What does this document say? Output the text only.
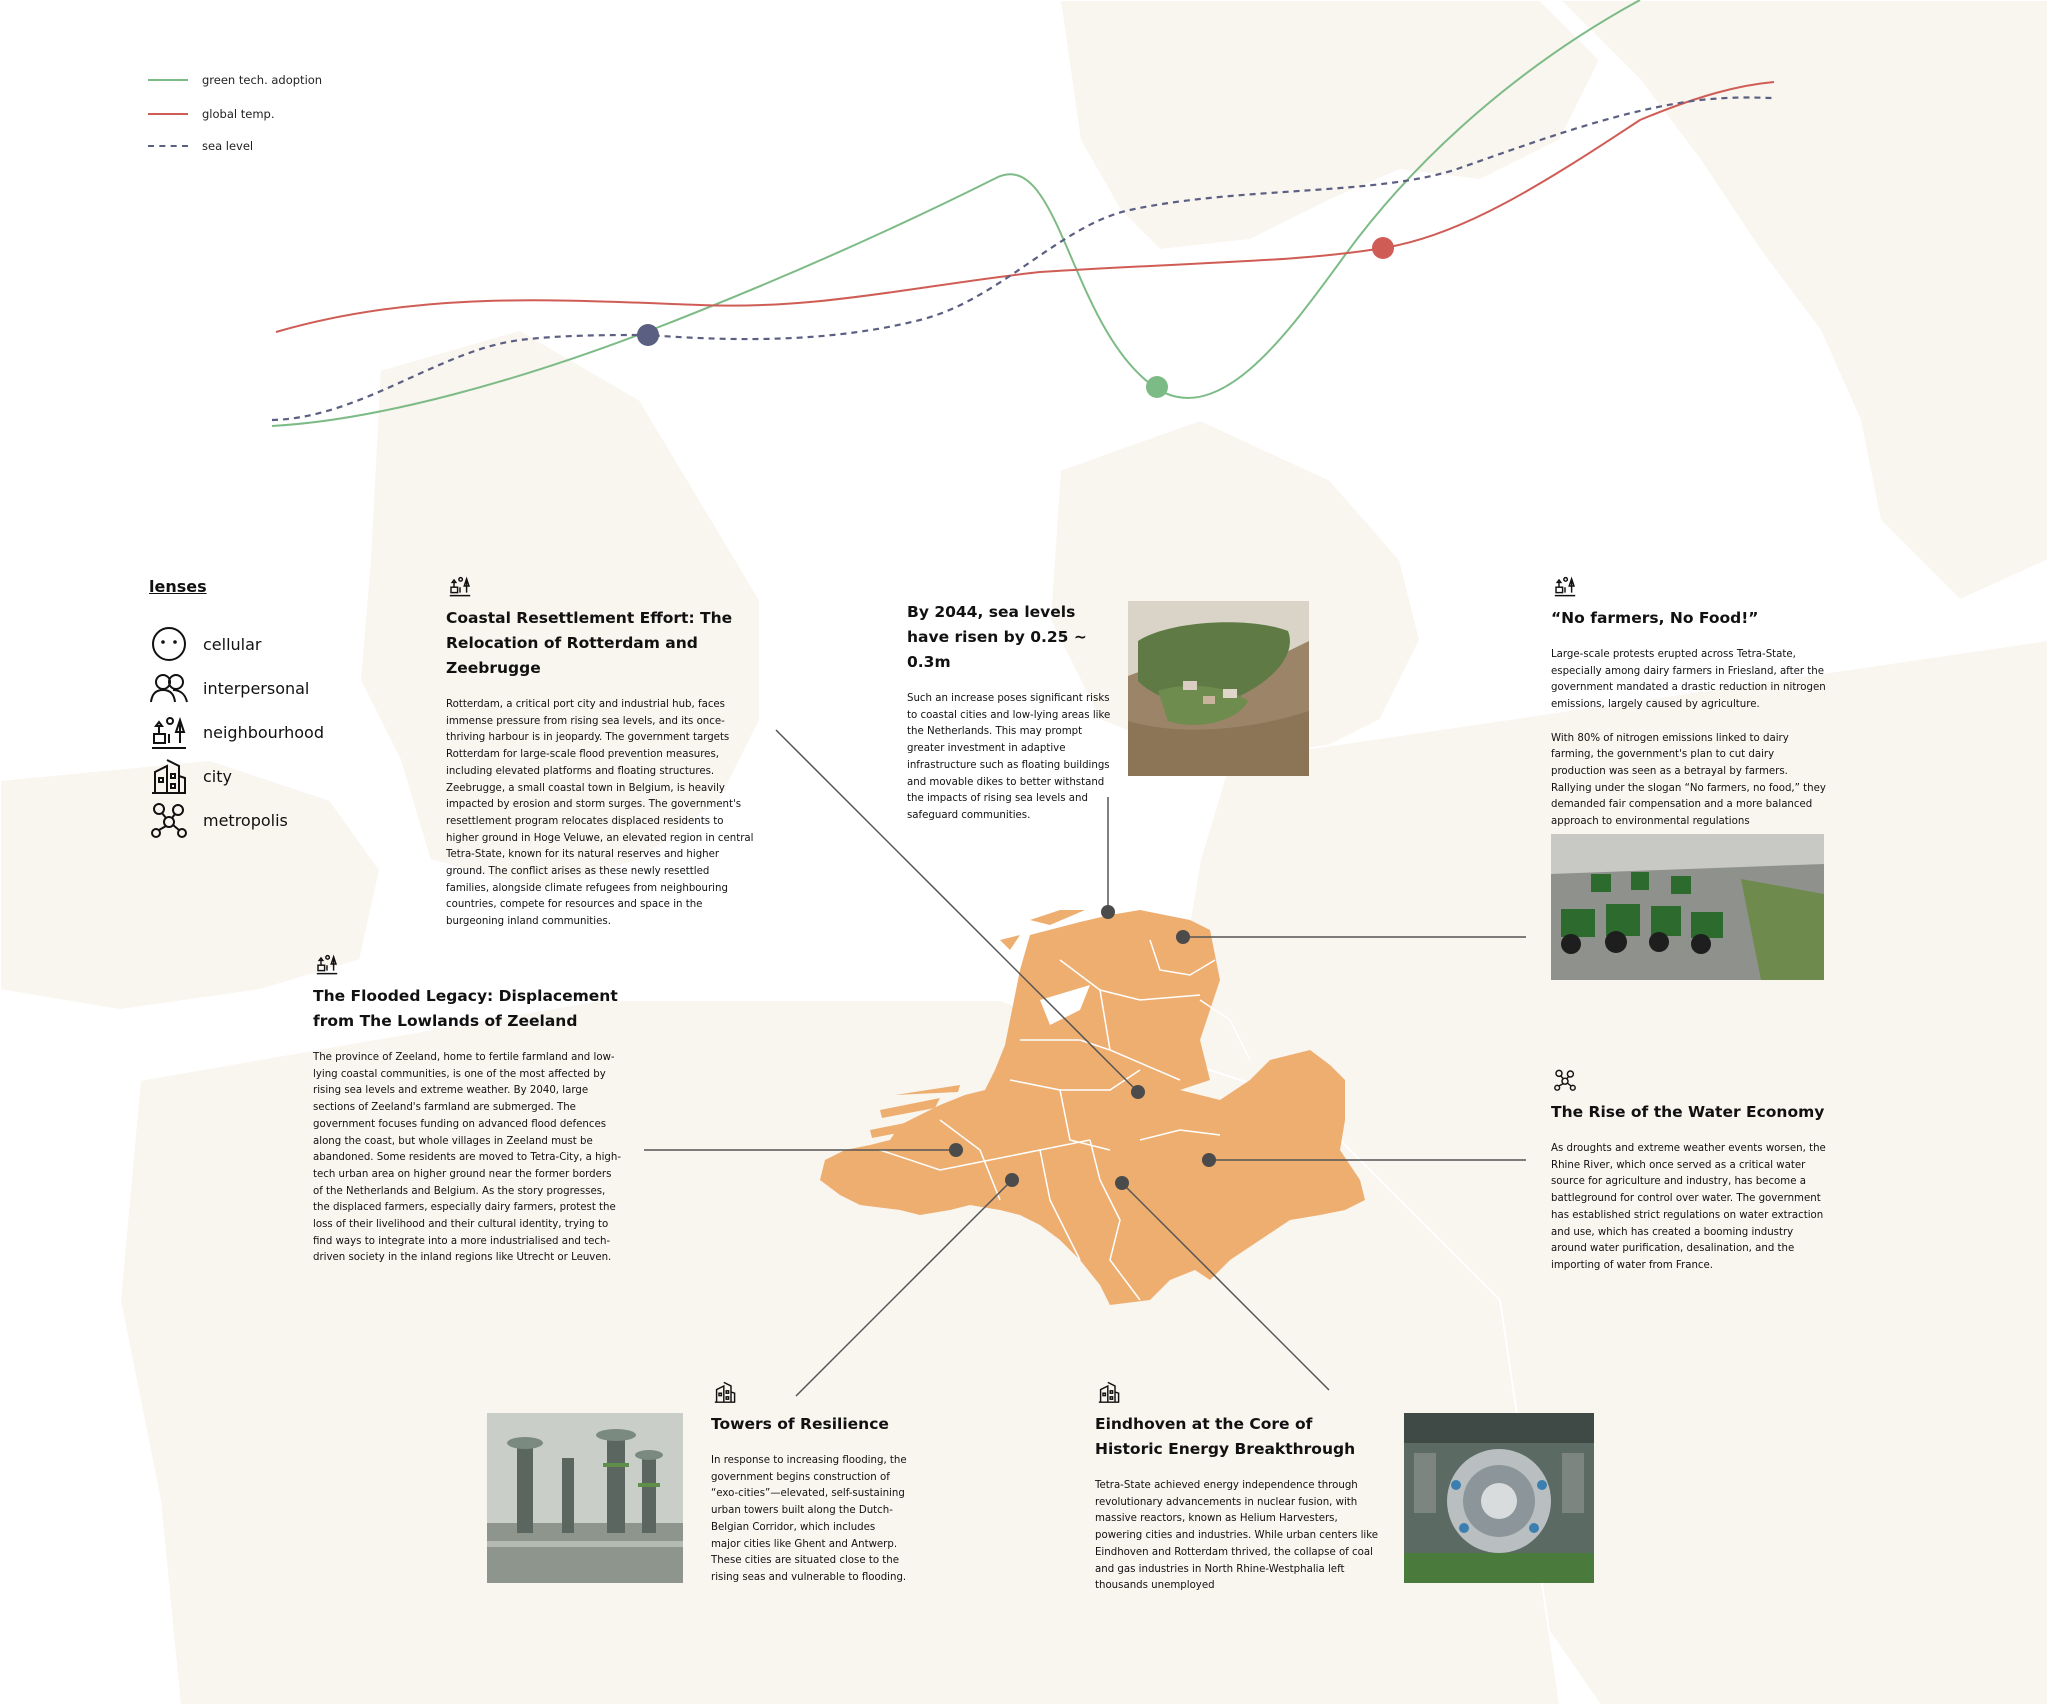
green tech. adoption
global temp.
sea level
lenses
cellular
interpersonal
neighbourhood
city
metropolis
Coastal Resettlement Effort: The Relocation of Rotterdam and Zeebrugge

Rotterdam, a critical port city and industrial hub, faces immense pressure from rising sea levels, and its once-thriving harbour is in jeopardy. The government targets Rotterdam for large-scale flood prevention measures, including elevated platforms and floating structures. Zeebrugge, a small coastal town in Belgium, is heavily impacted by erosion and storm surges. The government's resettlement program relocates displaced residents to higher ground in Hoge Veluwe, an elevated region in central Tetra-State, known for its natural reserves and higher ground. The conflict arises as these newly resettled families, alongside climate refugees from neighbouring countries, compete for resources and space in the burgeoning inland communities.

By 2044, sea levels have risen by 0.25 ~ 0.3m

Such an increase poses significant risks to coastal cities and low-lying areas like the Netherlands. This may prompt greater investment in adaptive infrastructure such as floating buildings and movable dikes to better withstand the impacts of rising sea levels and safeguard communities.

“No farmers, No Food!”

Large-scale protests erupted across Tetra-State, especially among dairy farmers in Friesland, after the government mandated a drastic reduction in nitrogen emissions, largely caused by agriculture.

With 80% of nitrogen emissions linked to dairy farming, the government's plan to cut dairy production was seen as a betrayal by farmers. Rallying under the slogan “No farmers, no food,” they demanded fair compensation and a more balanced approach to environmental regulations

The Flooded Legacy: Displacement from The Lowlands of Zeeland

The province of Zeeland, home to fertile farmland and low-lying coastal communities, is one of the most affected by rising sea levels and extreme weather. By 2040, large sections of Zeeland's farmland are submerged. The government focuses funding on advanced flood defences along the coast, but whole villages in Zeeland must be abandoned. Some residents are moved to Tetra-City, a high-tech urban area on higher ground near the former borders of the Netherlands and Belgium. As the story progresses, the displaced farmers, especially dairy farmers, protest the loss of their livelihood and their cultural identity, trying to find ways to integrate into a more industrialised and tech-driven society in the inland regions like Utrecht or Leuven.

The Rise of the Water Economy

As droughts and extreme weather events worsen, the Rhine River, which once served as a critical water source for agriculture and industry, has become a battleground for control over water. The government has established strict regulations on water extraction and use, which has created a booming industry around water purification, desalination, and the importing of water from France.

Towers of Resilience

In response to increasing flooding, the government begins construction of “exo-cities”—elevated, self-sustaining urban towers built along the Dutch-Belgian Corridor, which includes major cities like Ghent and Antwerp. These cities are situated close to the rising seas and vulnerable to flooding.

Eindhoven at the Core of Historic Energy Breakthrough

Tetra-State achieved energy independence through revolutionary advancements in nuclear fusion, with massive reactors, known as Helium Harvesters, powering cities and industries. While urban centers like Eindhoven and Rotterdam thrived, the collapse of coal and gas industries in North Rhine-Westphalia left thousands unemployed
